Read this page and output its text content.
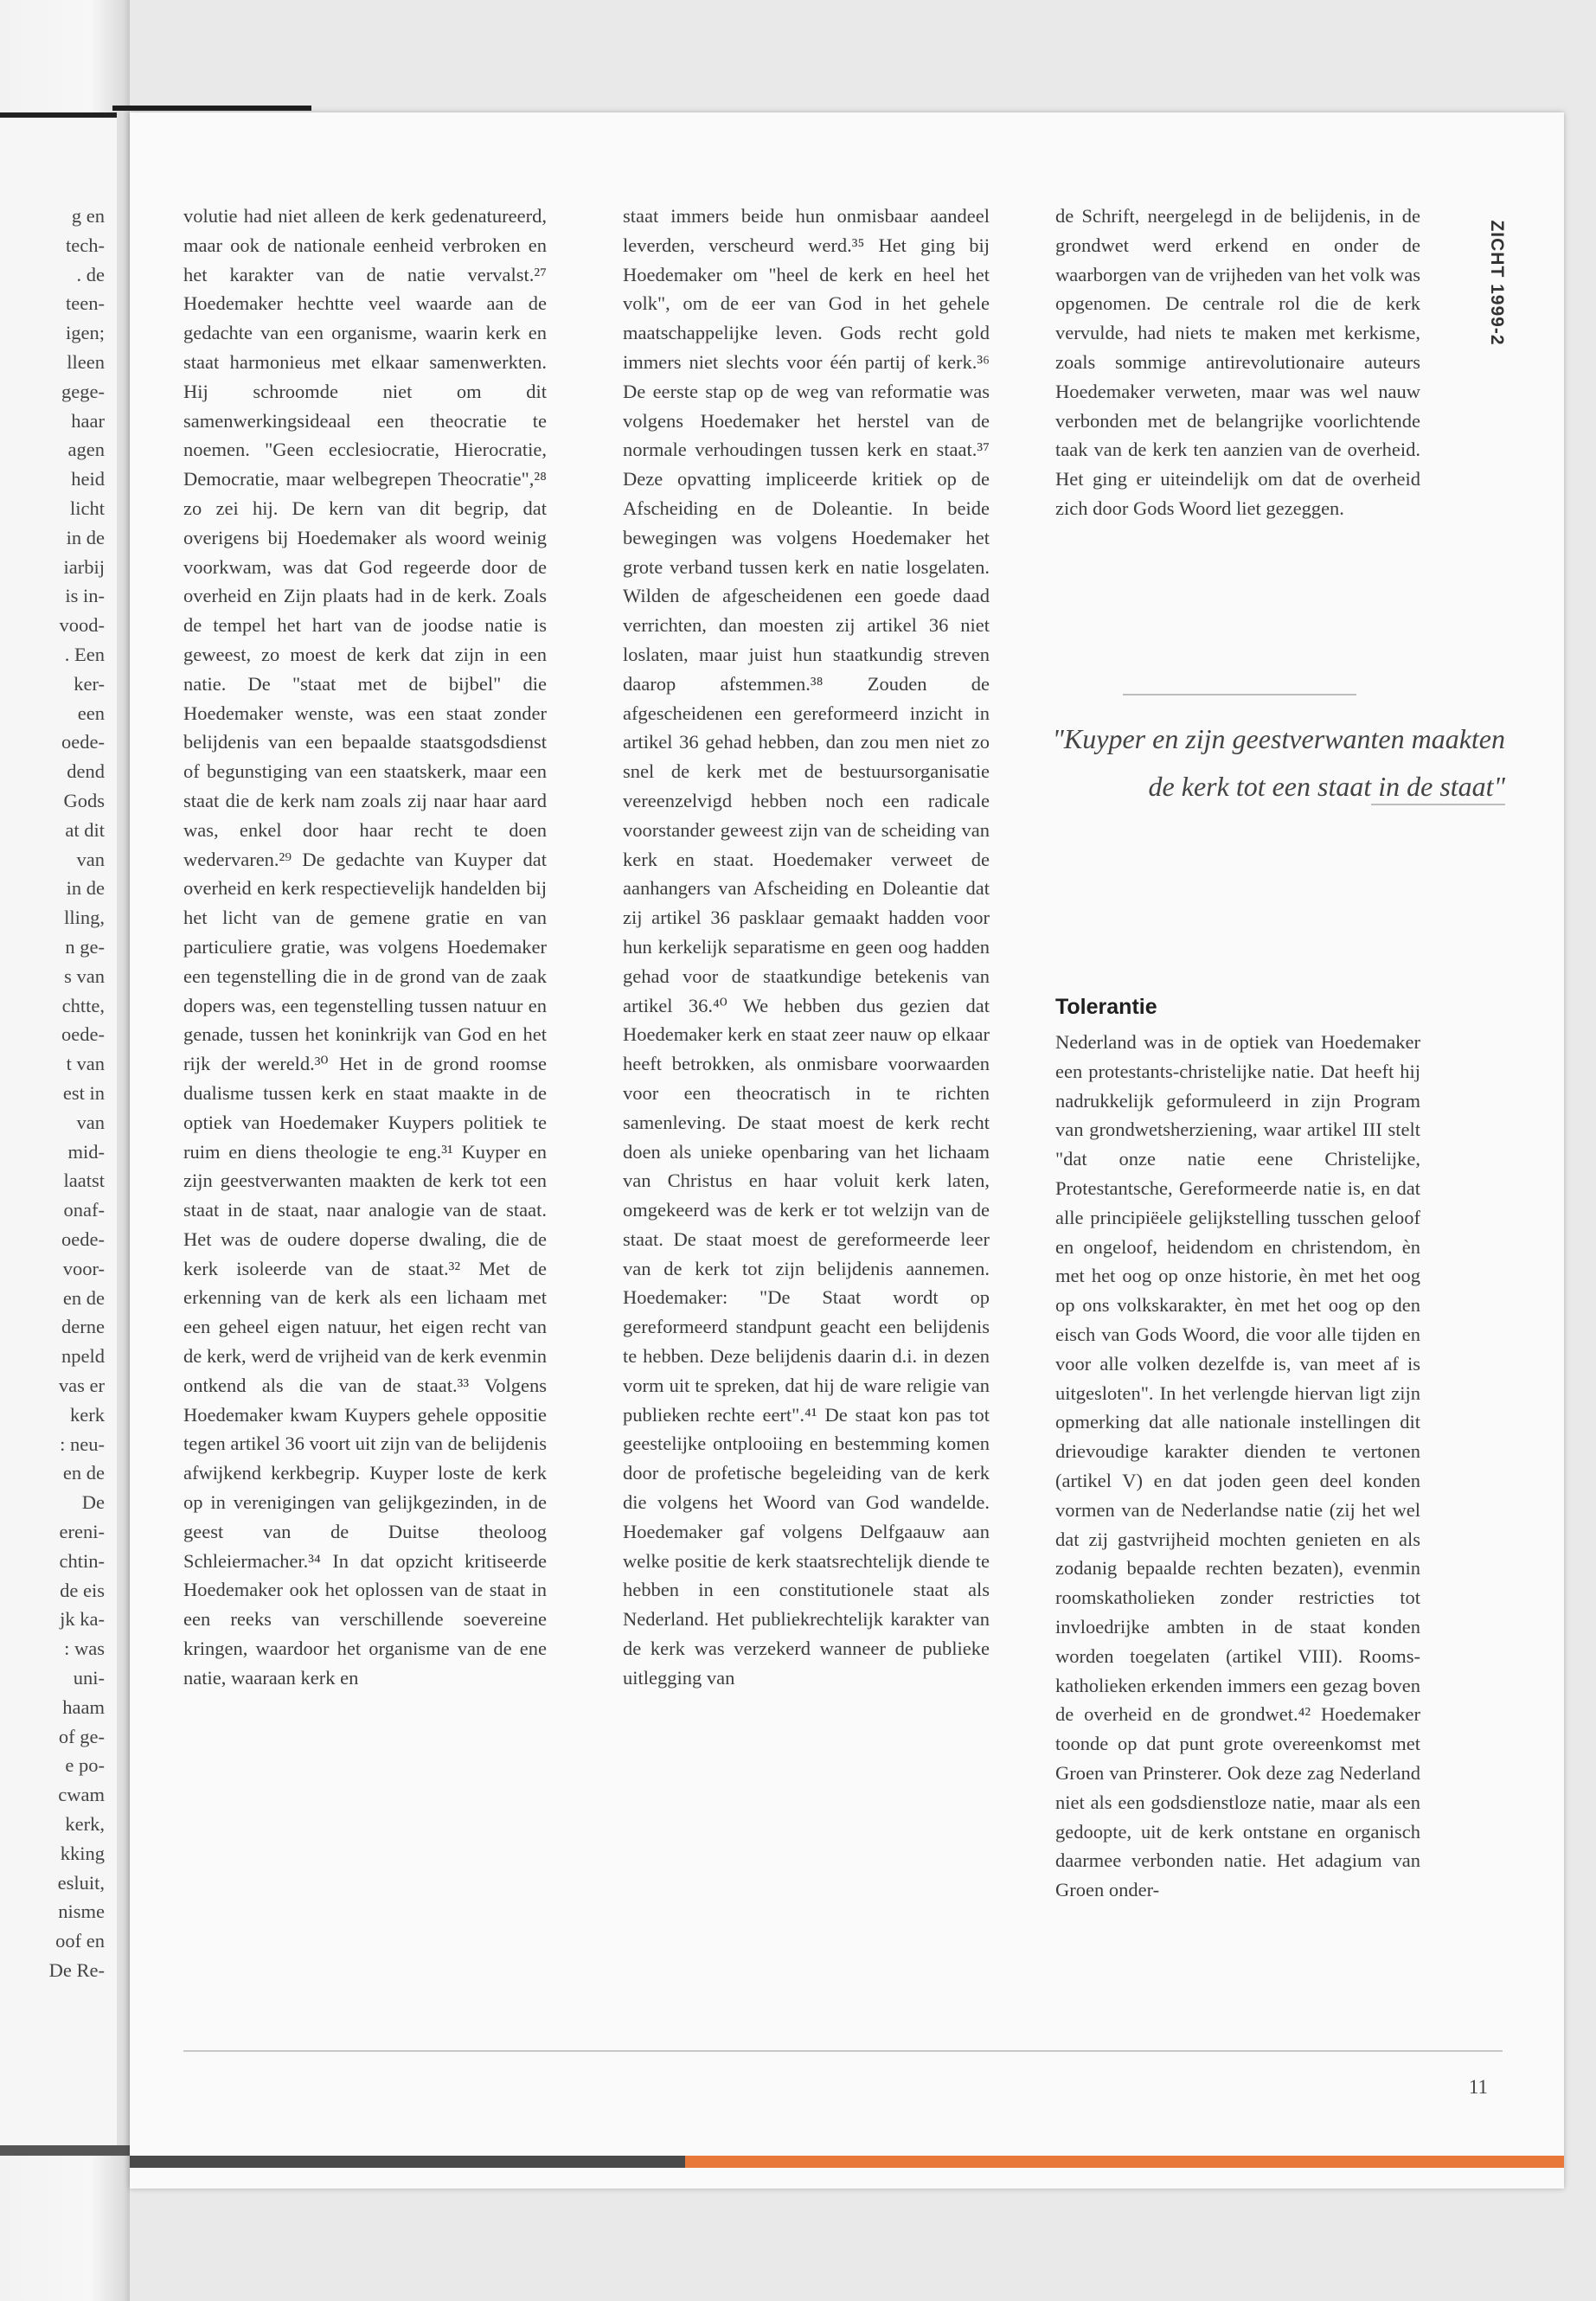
g en
tech-
. de
teen-
igen;
lleen
gege-
haar
agen
heid
licht
in de
iarbij
is in-
vood-
. Een
ker-
een
oede-
dend
Gods
at dit
van
in de
lling,
n ge-
s van
chtte,
oede-
t van
est in
van
mid-
laatst
onaf-
oede-
voor-
en de
derne
npeld
vas er
kerk
: neu-
en de
De
ereni-
chtin-
de eis
jk ka-
: was
uni-
haam
of ge-
e po-
cwam
kerk,
kking
esluit,
nisme
oof en
De Re-
ZICHT 1999-2

volutie had niet alleen de kerk gedenatureerd, maar ook de nationale eenheid verbroken en het karakter van de natie vervalst.²⁷ Hoedemaker hechtte veel waarde aan de gedachte van een organisme, waarin kerk en staat harmonieus met elkaar samenwerkten. Hij schroomde niet om dit samenwerkingsideaal een theocratie te noemen. "Geen ecclesiocratie, Hierocratie, Democratie, maar welbegrepen Theocratie",²⁸ zo zei hij. De kern van dit begrip, dat overigens bij Hoedemaker als woord weinig voorkwam, was dat God regeerde door de overheid en Zijn plaats had in de kerk. Zoals de tempel het hart van de joodse natie is geweest, zo moest de kerk dat zijn in een natie. De "staat met de bijbel" die Hoedemaker wenste, was een staat zonder belijdenis van een bepaalde staatsgodsdienst of begunstiging van een staatskerk, maar een staat die de kerk nam zoals zij naar haar aard was, enkel door haar recht te doen wedervaren.²⁹ De gedachte van Kuyper dat overheid en kerk respectievelijk handelden bij het licht van de gemene gratie en van particuliere gratie, was volgens Hoedemaker een tegenstelling die in de grond van de zaak dopers was, een tegenstelling tussen natuur en genade, tussen het koninkrijk van God en het rijk der wereld.³⁰ Het in de grond roomse dualisme tussen kerk en staat maakte in de optiek van Hoedemaker Kuypers politiek te ruim en diens theologie te eng.³¹ Kuyper en zijn geestverwanten maakten de kerk tot een staat in de staat, naar analogie van de staat. Het was de oudere doperse dwaling, die de kerk isoleerde van de staat.³² Met de erkenning van de kerk als een lichaam met een geheel eigen natuur, het eigen recht van de kerk, werd de vrijheid van de kerk evenmin ontkend als die van de staat.³³ Volgens Hoedemaker kwam Kuypers gehele oppositie tegen artikel 36 voort uit zijn van de belijdenis afwijkend kerkbegrip. Kuyper loste de kerk op in verenigingen van gelijkgezinden, in de geest van de Duitse theoloog Schleiermacher.³⁴ In dat opzicht kritiseerde Hoedemaker ook het oplossen van de staat in een reeks van verschillende soevereine kringen, waardoor het organisme van de ene natie, waaraan kerk en

staat immers beide hun onmisbaar aandeel leverden, verscheurd werd.³⁵ Het ging bij Hoedemaker om "heel de kerk en heel het volk", om de eer van God in het gehele maatschappelijke leven. Gods recht gold immers niet slechts voor één partij of kerk.³⁶ De eerste stap op de weg van reformatie was volgens Hoedemaker het herstel van de normale verhoudingen tussen kerk en staat.³⁷ Deze opvatting impliceerde kritiek op de Afscheiding en de Doleantie. In beide bewegingen was volgens Hoedemaker het grote verband tussen kerk en natie losgelaten. Wilden de afgescheidenen een goede daad verrichten, dan moesten zij artikel 36 niet loslaten, maar juist hun staatkundig streven daarop afstemmen.³⁸ Zouden de afgescheidenen een gereformeerd inzicht in artikel 36 gehad hebben, dan zou men niet zo snel de kerk met de bestuursorganisatie vereenzelvigd hebben noch een radicale voorstander geweest zijn van de scheiding van kerk en staat. Hoedemaker verweet de aanhangers van Afscheiding en Doleantie dat zij artikel 36 pasklaar gemaakt hadden voor hun kerkelijk separatisme en geen oog hadden gehad voor de staatkundige betekenis van artikel 36.⁴⁰ We hebben dus gezien dat Hoedemaker kerk en staat zeer nauw op elkaar heeft betrokken, als onmisbare voorwaarden voor een theocratisch in te richten samenleving. De staat moest de kerk recht doen als unieke openbaring van het lichaam van Christus en haar voluit kerk laten, omgekeerd was de kerk er tot welzijn van de staat. De staat moest de gereformeerde leer van de kerk tot zijn belijdenis aannemen. Hoedemaker: "De Staat wordt op gereformeerd standpunt geacht een belijdenis te hebben. Deze belijdenis daarin d.i. in dezen vorm uit te spreken, dat hij de ware religie van publieken rechte eert".⁴¹ De staat kon pas tot geestelijke ontplooiing en bestemming komen door de profetische begeleiding van de kerk die volgens het Woord van God wandelde. Hoedemaker gaf volgens Delfgaauw aan welke positie de kerk staatsrechtelijk diende te hebben in een constitutionele staat als Nederland. Het publiekrechtelijk karakter van de kerk was verzekerd wanneer de publieke uitlegging van

de Schrift, neergelegd in de belijdenis, in de grondwet werd erkend en onder de waarborgen van de vrijheden van het volk was opgenomen. De centrale rol die de kerk vervulde, had niets te maken met kerkisme, zoals sommige antirevolutionaire auteurs Hoedemaker verweten, maar was wel nauw verbonden met de belangrijke voorlichtende taak van de kerk ten aanzien van de overheid. Het ging er uiteindelijk om dat de overheid zich door Gods Woord liet gezeggen.

"Kuyper en zijn geestverwanten maakten de kerk tot een staat in de staat"
Tolerantie

Nederland was in de optiek van Hoedemaker een protestants-christelijke natie. Dat heeft hij nadrukkelijk geformuleerd in zijn Program van grondwetsherziening, waar artikel III stelt "dat onze natie eene Christelijke, Protestantsche, Gereformeerde natie is, en dat alle principiëele gelijkstelling tusschen geloof en ongeloof, heidendom en christendom, èn met het oog op onze historie, èn met het oog op ons volkskarakter, èn met het oog op den eisch van Gods Woord, die voor alle tijden en voor alle volken dezelfde is, van meet af is uitgesloten". In het verlengde hiervan ligt zijn opmerking dat alle nationale instellingen dit drievoudige karakter dienden te vertonen (artikel V) en dat joden geen deel konden vormen van de Nederlandse natie (zij het wel dat zij gastvrijheid mochten genieten en als zodanig bepaalde rechten bezaten), evenmin roomskatholieken zonder restricties tot invloedrijke ambten in de staat konden worden toegelaten (artikel VIII). Rooms-katholieken erkenden immers een gezag boven de overheid en de grondwet.⁴² Hoedemaker toonde op dat punt grote overeenkomst met Groen van Prinsterer. Ook deze zag Nederland niet als een godsdienstloze natie, maar als een gedoopte, uit de kerk ontstane en organisch daarmee verbonden natie. Het adagium van Groen onder-

11
